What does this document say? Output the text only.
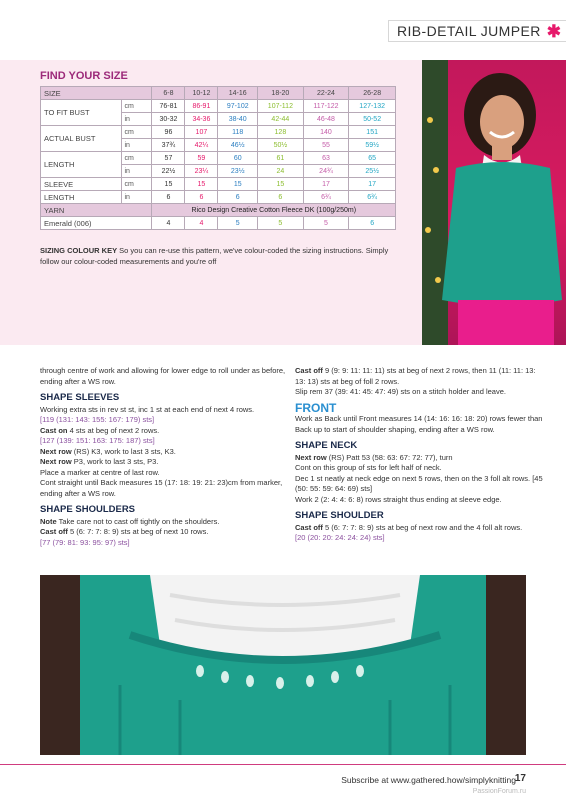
RIB-DETAIL JUMPER ✱
FIND YOUR SIZE
SIZE		6-8	10-12	14-16	18-20	22-24	26-28
TO FIT BUST	cm	76-81	86-91	97-102	107-112	117-122	127-132
	in	30-32	34-36	38-40	42-44	46-48	50-52
ACTUAL BUST	cm	96	107	118	128	140	151
	in	37¾	42¼	46½	50½	55	59½
LENGTH	cm	57	59	60	61	63	65
	in	22½	23¼	23½	24	24¾	25½
SLEEVE	cm	15	15	15	15	17	17
LENGTH	in	6	6	6	6	6¾	6¾
YARN		Rico Design Creative Cotton Fleece DK (100g/250m)					
Emerald (006)		4	4	5	5	5	6
SIZING COLOUR KEY So you can re-use this pattern, we've colour-coded the sizing instructions. Simply follow our colour-coded measurements and you're off

through centre of work and allowing for lower edge to roll under as before, ending after a WS row.

SHAPE SLEEVES

Working extra sts in rev st st, inc 1 st at each end of next 4 rows.

[119 (131: 143: 155: 167: 179) sts]

Cast on 4 sts at beg of next 2 rows.

[127 (139: 151: 163: 175: 187) sts]

Next row (RS) K3, work to last 3 sts, K3.

Next row P3, work to last 3 sts, P3.

Place a marker at centre of last row.

Cont straight until Back measures 15 (17: 18: 19: 21: 23)cm from marker, ending after a WS row.

SHAPE SHOULDERS

Note Take care not to cast off tightly on the shoulders.

Cast off 5 (6: 7: 7: 8: 9) sts at beg of next 10 rows.

[77 (79: 81: 93: 95: 97) sts]

Cast off 9 (9: 9: 11: 11: 11) sts at beg of next 2 rows, then 11 (11: 11: 13: 13: 13) sts at beg of foll 2 rows.

Slip rem 37 (39: 41: 45: 47: 49) sts on a stitch holder and leave.

FRONT

Work as Back until Front measures 14 (14: 16: 16: 18: 20) rows fewer than Back up to start of shoulder shaping, ending after a WS row.

SHAPE NECK

Next row (RS) Patt 53 (58: 63: 67: 72: 77), turn

Cont on this group of sts for left half of neck.

Dec 1 st neatly at neck edge on next 5 rows, then on the 3 foll alt rows. [45 (50: 55: 59: 64: 69) sts]

Work 2 (2: 4: 4: 6: 8) rows straight thus ending at sleeve edge.

SHAPE SHOULDER

Cast off 5 (6: 7: 7: 8: 9) sts at beg of next row and the 4 foll alt rows.

[20 (20: 20: 24: 24: 24) sts]

Subscribe at www.gathered.how/simplyknitting
17
PassionForum.ru
